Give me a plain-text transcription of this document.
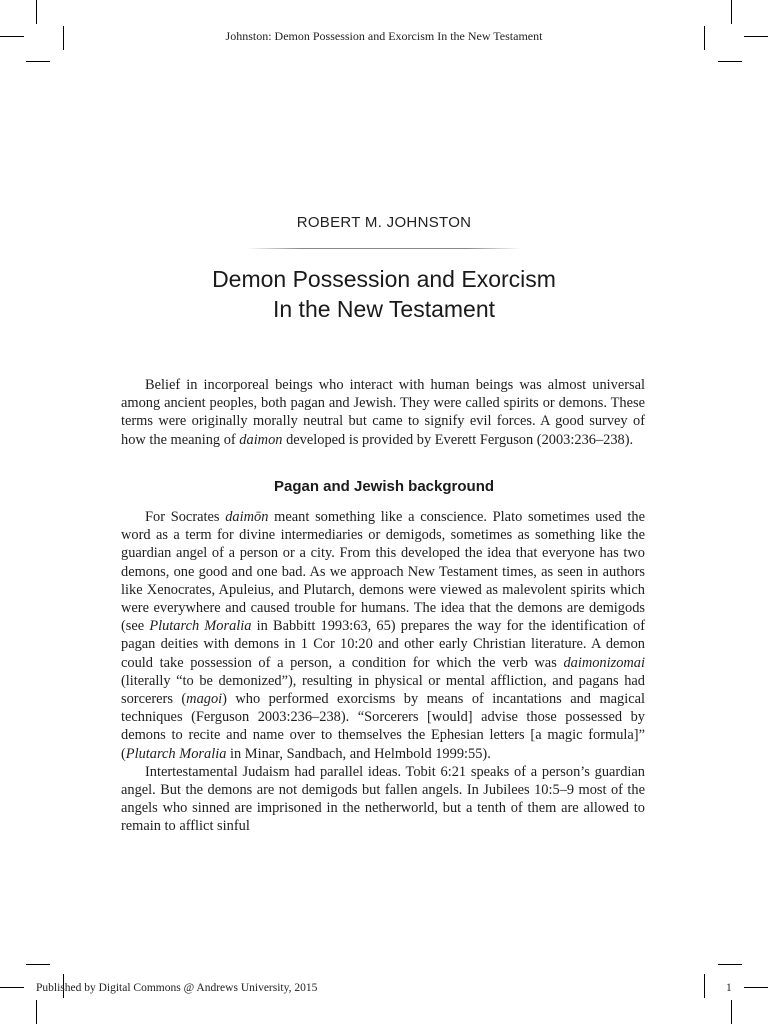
Johnston: Demon Possession and Exorcism In the New Testament
ROBERT M. JOHNSTON
Demon Possession and Exorcism
In the New Testament

Belief in incorporeal beings who interact with human beings was almost universal among ancient peoples, both pagan and Jewish. They were called spirits or demons. These terms were originally morally neutral but came to signify evil forces. A good survey of how the meaning of daimon developed is provided by Everett Ferguson (2003:236–238).

Pagan and Jewish background

For Socrates daimōn meant something like a conscience. Plato sometimes used the word as a term for divine intermediaries or demigods, sometimes as something like the guardian angel of a person or a city. From this developed the idea that everyone has two demons, one good and one bad. As we approach New Testament times, as seen in authors like Xenocrates, Apuleius, and Plutarch, demons were viewed as malevolent spirits which were everywhere and caused trouble for humans. The idea that the demons are demigods (see Plutarch Moralia in Babbitt 1993:63, 65) prepares the way for the identification of pagan deities with demons in 1 Cor 10:20 and other early Christian literature. A demon could take possession of a person, a condition for which the verb was daimonizomai (literally “to be demonized”), resulting in physical or mental affliction, and pagans had sorcerers (magoi) who performed exorcisms by means of incantations and magical techniques (Ferguson 2003:236–238). “Sorcerers [would] advise those possessed by demons to recite and name over to themselves the Ephesian letters [a magic formula]” (Plutarch Moralia in Minar, Sandbach, and Helmbold 1999:55).

Intertestamental Judaism had parallel ideas. Tobit 6:21 speaks of a person’s guardian angel. But the demons are not demigods but fallen angels. In Jubilees 10:5–9 most of the angels who sinned are imprisoned in the netherworld, but a tenth of them are allowed to remain to afflict sinful

Published by Digital Commons @ Andrews University, 2015	1
